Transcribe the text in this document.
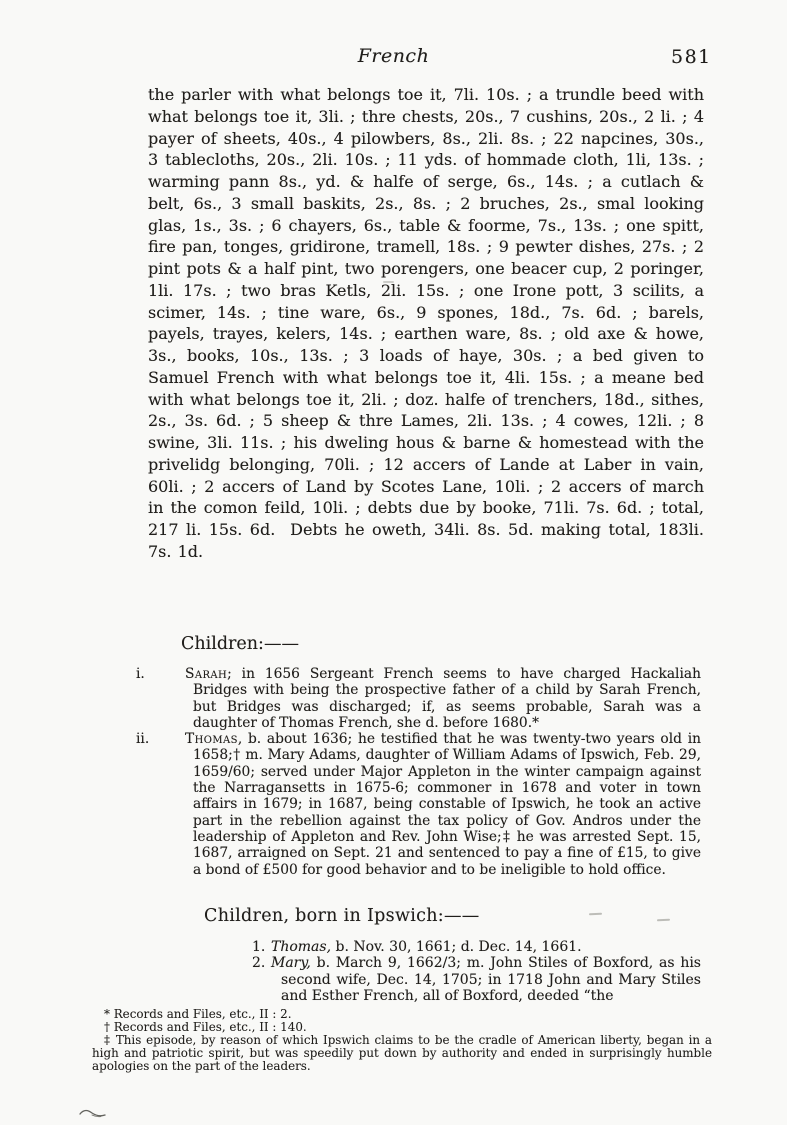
French	581

the parler with what belongs toe it, 7li. 10s. ; a trundle beed with what belongs toe it, 3li. ; thre chests, 20s., 7 cushins, 20s., 2 li. ; 4 payer of sheets, 40s., 4 pilowbers, 8s., 2li. 8s. ; 22 napcines, 30s., 3 tablecloths, 20s., 2li. 10s. ; 11 yds. of hommade cloth, 1li, 13s. ; warming pann 8s., yd. & halfe of serge, 6s., 14s. ; a cutlach & belt, 6s., 3 small baskits, 2s., 8s. ; 2 bruches, 2s., smal looking glas, 1s., 3s. ; 6 chayers, 6s., table & foorme, 7s., 13s. ; one spitt, fire pan, tonges, gridirone, tramell, 18s. ; 9 pewter dishes, 27s. ; 2 pint pots & a half pint, two porengers, one beacer cup, 2 poringer, 1li. 17s. ; two bras Ketls, 2li. 15s. ; one Irone pott, 3 scilits, a scimer, 14s. ; tine ware, 6s., 9 spones, 18d., 7s. 6d. ; barels, payels, trayes, kelers, 14s. ; earthen ware, 8s. ; old axe & howe, 3s., books, 10s., 13s. ; 3 loads of haye, 30s. ; a bed given to Samuel French with what belongs toe it, 4li. 15s. ; a meane bed with what belongs toe it, 2li. ; doz. halfe of trenchers, 18d., sithes, 2s., 3s. 6d. ; 5 sheep & thre Lames, 2li. 13s. ; 4 cowes, 12li. ; 8 swine, 3li. 11s. ; his dweling hous & barne & homestead with the privelidg belonging, 70li. ; 12 accers of Lande at Laber in vain, 60li. ; 2 accers of Land by Scotes Lane, 10li. ; 2 accers of march in the comon feild, 10li. ; debts due by booke, 71li. 7s. 6d. ; total, 217 li. 15s. 6d.  Debts he oweth, 34li. 8s. 5d. making total, 183li. 7s. 1d.

Children:——
i.	Sarah; in 1656 Sergeant French seems to have charged Hackaliah Bridges with being the prospective father of a child by Sarah French, but Bridges was discharged; if, as seems probable, Sarah was a daughter of Thomas French, she d. before 1680.*
ii.	Thomas, b. about 1636; he testified that he was twenty-two years old in 1658;† m. Mary Adams, daughter of William Adams of Ipswich, Feb. 29, 1659/60; served under Major Appleton in the winter campaign against the Narragansetts in 1675-6; commoner in 1678 and voter in town affairs in 1679; in 1687, being constable of Ipswich, he took an active part in the rebellion against the tax policy of Gov. Andros under the leadership of Appleton and Rev. John Wise;‡ he was arrested Sept. 15, 1687, arraigned on Sept. 21 and sentenced to pay a fine of £15, to give a bond of £500 for good behavior and to be ineligible to hold office.
Children, born in Ipswich:——
1. Thomas, b. Nov. 30, 1661; d. Dec. 14, 1661.
2. Mary, b. March 9, 1662/3; m. John Stiles of Boxford, as his second wife, Dec. 14, 1705; in 1718 John and Mary Stiles and Esther French, all of Boxford, deeded “the

* Records and Files, etc., II : 2.

† Records and Files, etc., II : 140.

‡ This episode, by reason of which Ipswich claims to be the cradle of American liberty, began in a high and patriotic spirit, but was speedily put down by authority and ended in surprisingly humble apologies on the part of the leaders.
